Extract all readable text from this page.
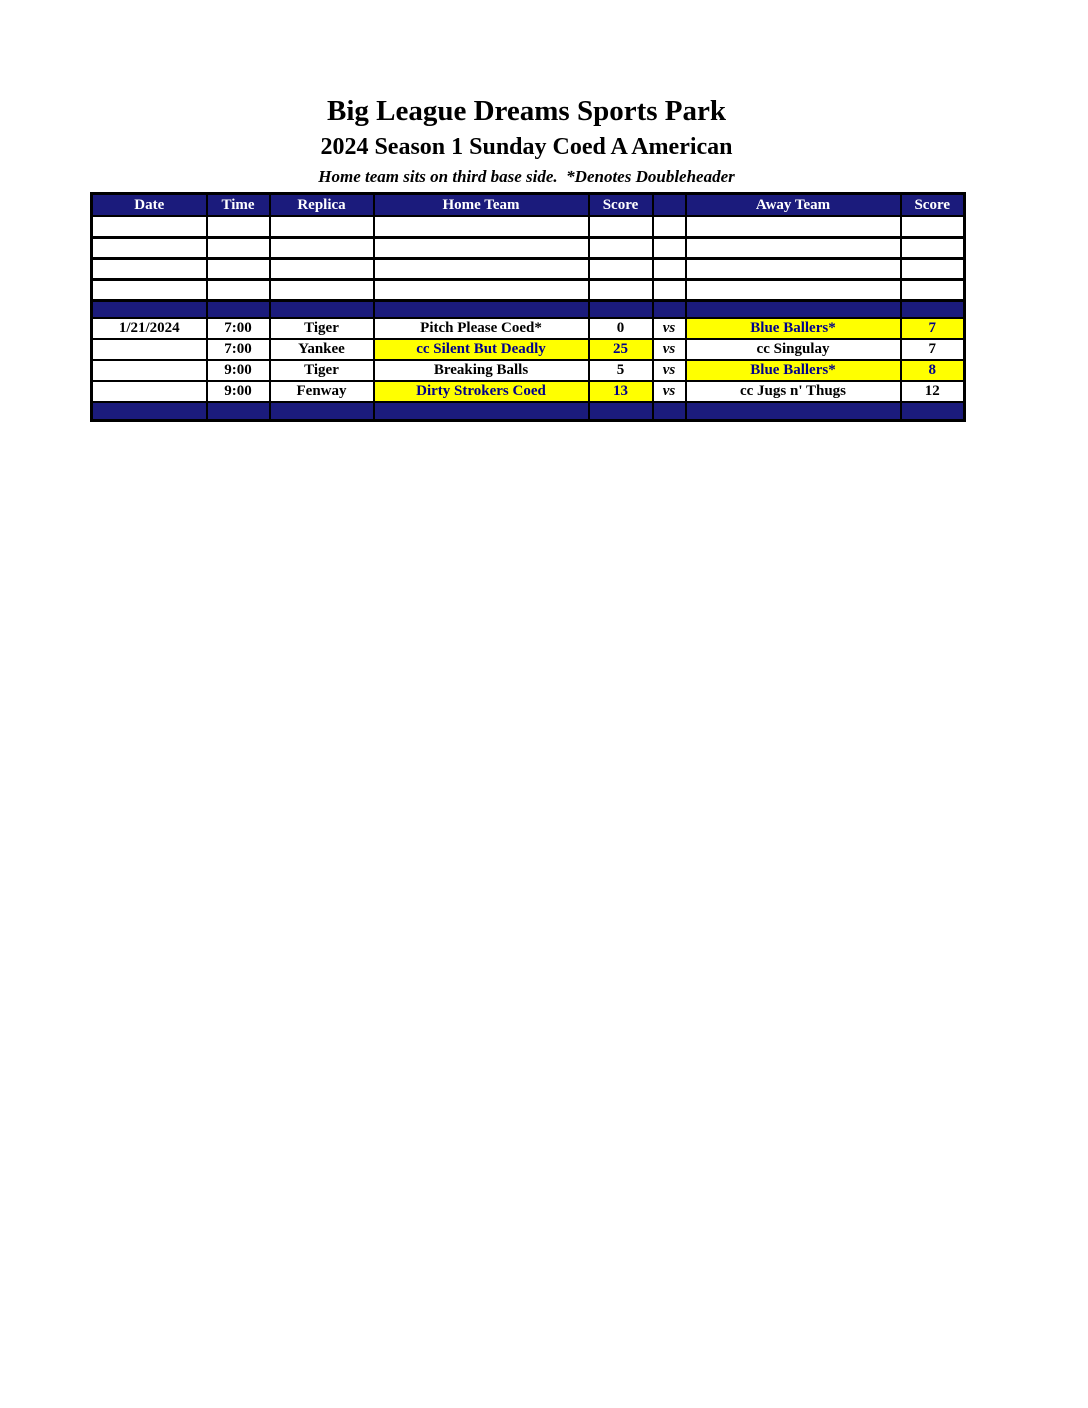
Big League Dreams Sports Park
2024 Season 1 Sunday Coed A American
Home team sits on third base side.  *Denotes Doubleheader
Date	Time	Replica	Home Team	Score		Away Team	Score

1/21/2024	7:00	Tiger	Pitch Please Coed*	0	vs	Blue Ballers*	7
	7:00	Yankee	cc Silent But Deadly	25	vs	cc Singulay	7
	9:00	Tiger	Breaking Balls	5	vs	Blue Ballers*	8
	9:00	Fenway	Dirty Strokers Coed	13	vs	cc Jugs n' Thugs	12
